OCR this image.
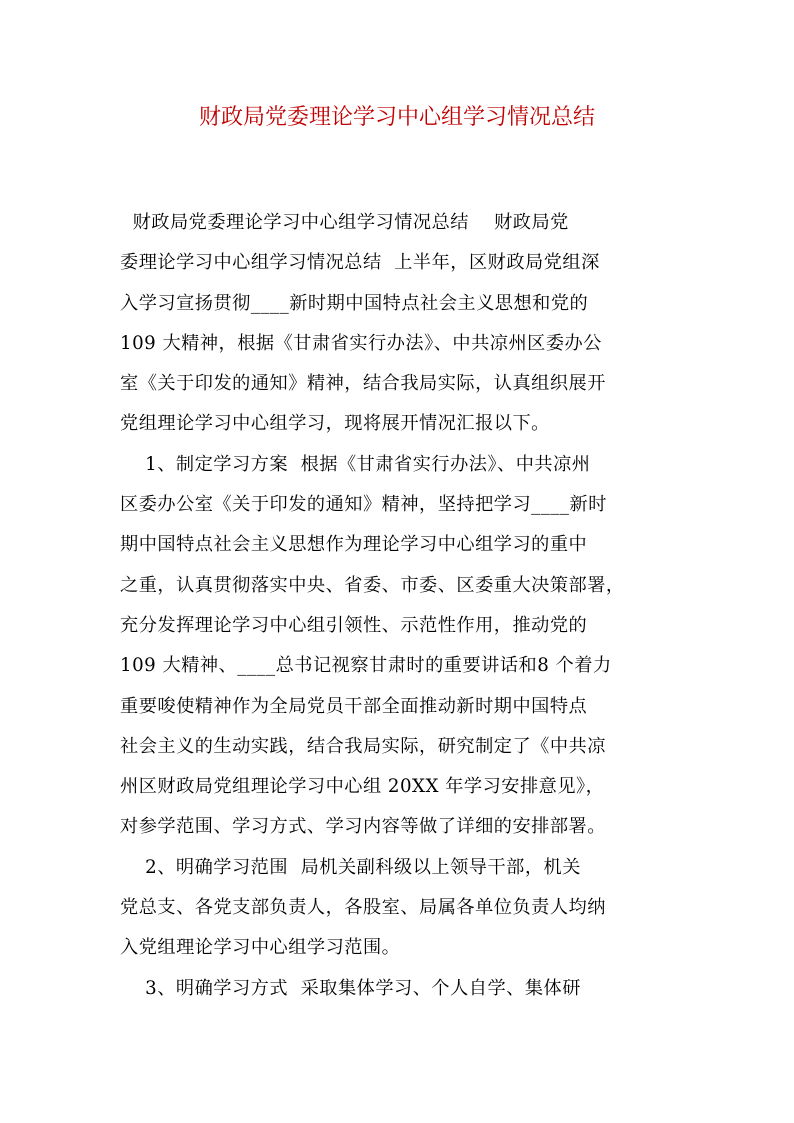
财政局党委理论学习中心组学习情况总结
财政局党委理论学习中心组学习情况总结    财政局党
委理论学习中心组学习情况总结  上半年，区财政局党组深
入学习宣扬贯彻____新时期中国特点社会主义思想和党的
109 大精神，根据《甘肃省实行办法》、中共凉州区委办公
室《关于印发的通知》精神，结合我局实际，认真组织展开
党组理论学习中心组学习，现将展开情况汇报以下。
1、制定学习方案  根据《甘肃省实行办法》、中共凉州
区委办公室《关于印发的通知》精神，坚持把学习____新时
期中国特点社会主义思想作为理论学习中心组学习的重中
之重，认真贯彻落实中央、省委、市委、区委重大决策部署，
充分发挥理论学习中心组引领性、示范性作用，推动党的
109 大精神、____总书记视察甘肃时的重要讲话和8 个着力
重要唆使精神作为全局党员干部全面推动新时期中国特点
社会主义的生动实践，结合我局实际，研究制定了《中共凉
州区财政局党组理论学习中心组 20XX 年学习安排意见》，
对参学范围、学习方式、学习内容等做了详细的安排部署。
2、明确学习范围  局机关副科级以上领导干部，机关
党总支、各党支部负责人，各股室、局属各单位负责人均纳
入党组理论学习中心组学习范围。
3、明确学习方式  采取集体学习、个人自学、集体研
